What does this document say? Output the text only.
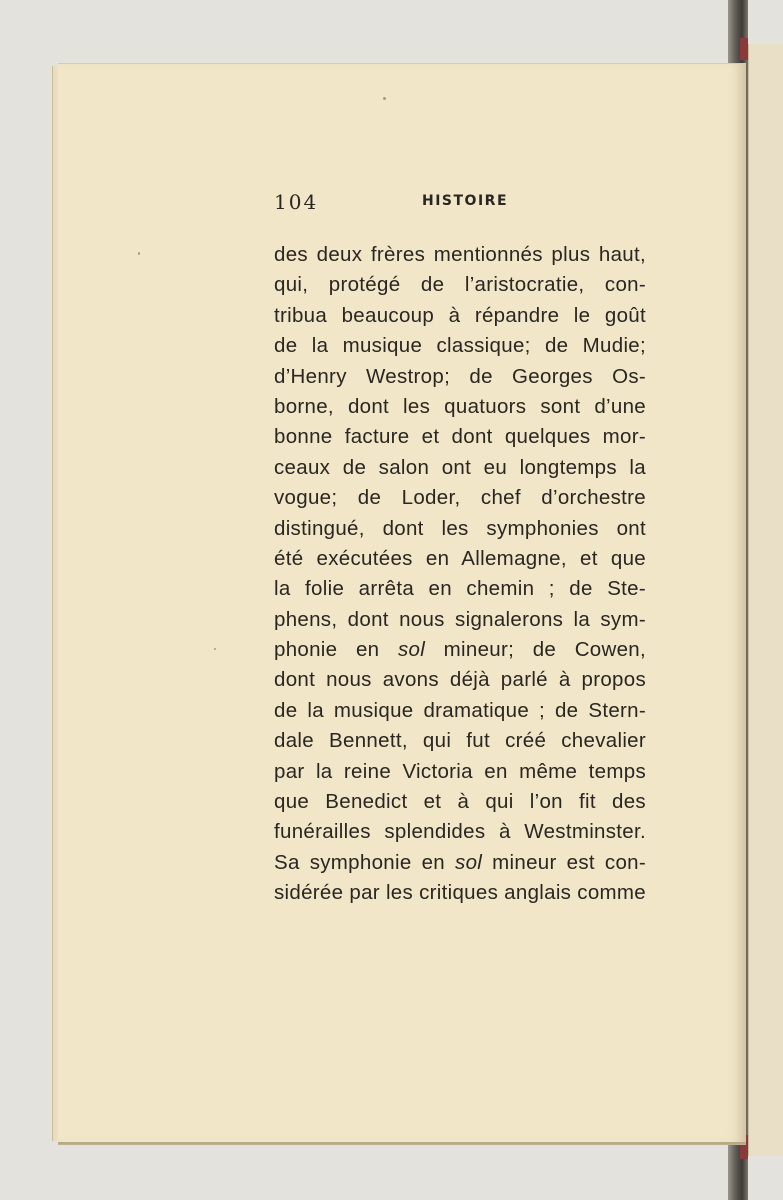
104	HISTOIRE
des deux frères mentionnés plus haut,
qui, protégé de l’aristocratie, con-
tribua beaucoup à répandre le goût
de la musique classique; de Mudie;
d’Henry Westrop; de Georges Os-
borne, dont les quatuors sont d’une
bonne facture et dont quelques mor-
ceaux de salon ont eu longtemps la
vogue; de Loder, chef d’orchestre
distingué, dont les symphonies ont
été exécutées en Allemagne, et que
la folie arrêta en chemin ; de Ste-
phens, dont nous signalerons la sym-
phonie en sol mineur; de Cowen,
dont nous avons déjà parlé à propos
de la musique dramatique ; de Stern-
dale Bennett, qui fut créé chevalier
par la reine Victoria en même temps
que Benedict et à qui l’on fit des
funérailles splendides à Westminster.
Sa symphonie en sol mineur est con-
sidérée par les critiques anglais comme
